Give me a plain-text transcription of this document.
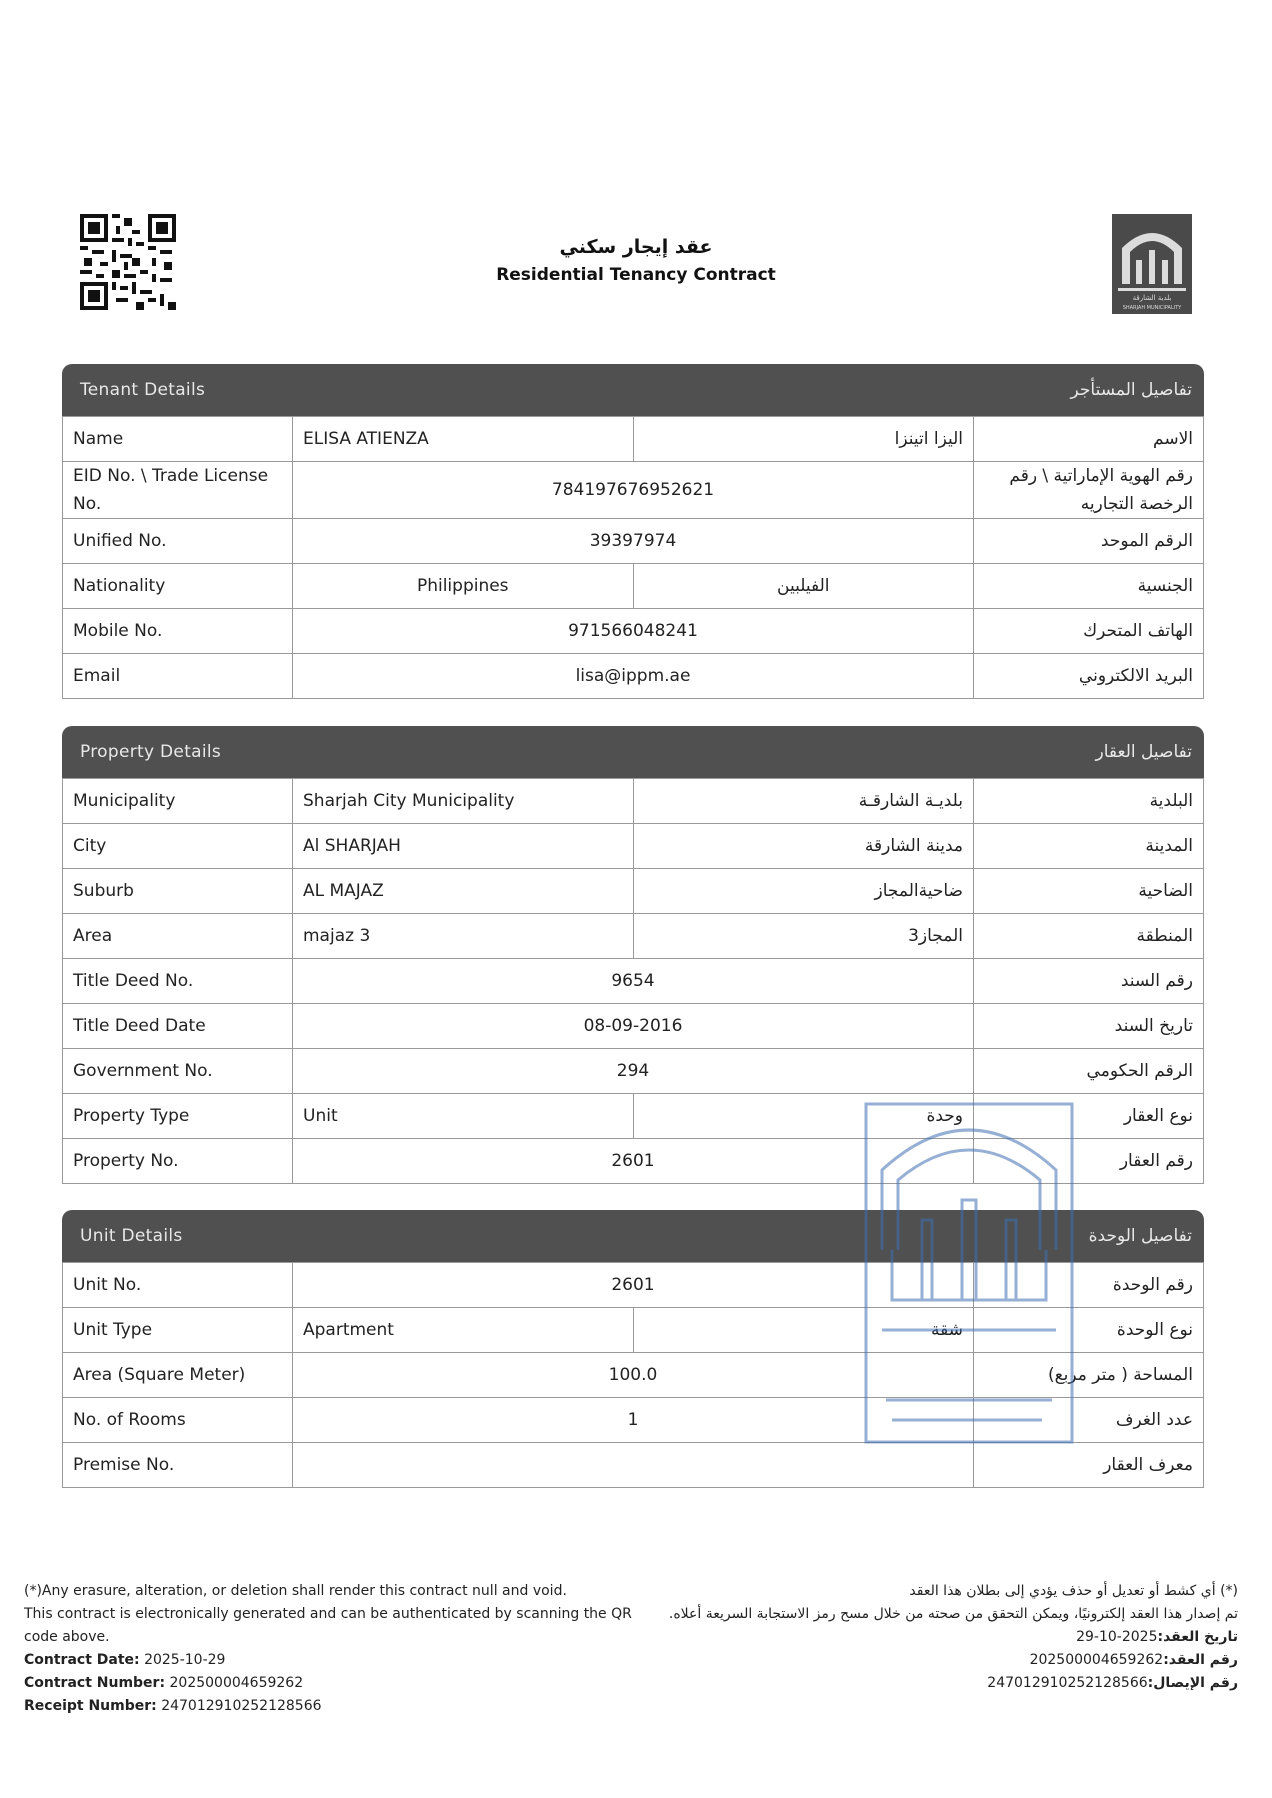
عقد إيجار سكني
Residential Tenancy Contract
بلدية الشارقة
SHARJAH MUNICIPALITY
Tenant Details	تفاصيل المستأجر
Name	ELISA ATIENZA	اليزا اتينزا	الاسم
EID No. \ Trade License No.	784197676952621		رقم الهوية الإماراتية \ رقم الرخصة التجاريه
Unified No.	39397974		الرقم الموحد
Nationality	Philippines	الفيلبين	الجنسية
Mobile No.	971566048241		الهاتف المتحرك
Email	lisa@ippm.ae		البريد الالكتروني
Property Details	تفاصيل العقار
Municipality	Sharjah City Municipality	بلديـة الشارقـة	البلدية
City	Al SHARJAH	مدينة الشارقة	المدينة
Suburb	AL MAJAZ	ضاحيةالمجاز	الضاحية
Area	majaz 3	المجاز3	المنطقة
Title Deed No.	9654		رقم السند
Title Deed Date	08-09-2016		تاريخ السند
Government No.	294		الرقم الحكومي
Property Type	Unit	وحدة	نوع العقار
Property No.	2601		رقم العقار
Unit Details	تفاصيل الوحدة
Unit No.	2601		رقم الوحدة
Unit Type	Apartment	شقة	نوع الوحدة
Area (Square Meter)	100.0		المساحة ( متر مربع)
No. of Rooms	1		عدد الغرف
Premise No.			معرف العقار
(*)Any erasure, alteration, or deletion shall render this contract null and void.
This contract is electronically generated and can be authenticated by scanning the QR code above.
Contract Date: 2025-10-29
Contract Number: 202500004659262
Receipt Number: 247012910252128566
(*) أي كشط أو تعديل أو حذف يؤدي إلى بطلان هذا العقد
تم إصدار هذا العقد إلكترونيًا، ويمكن التحقق من صحته من خلال مسح رمز الاستجابة السريعة أعلاه.
تاريخ العقد:2025-10-29
رقم العقد:202500004659262
رقم الإيصال:247012910252128566
